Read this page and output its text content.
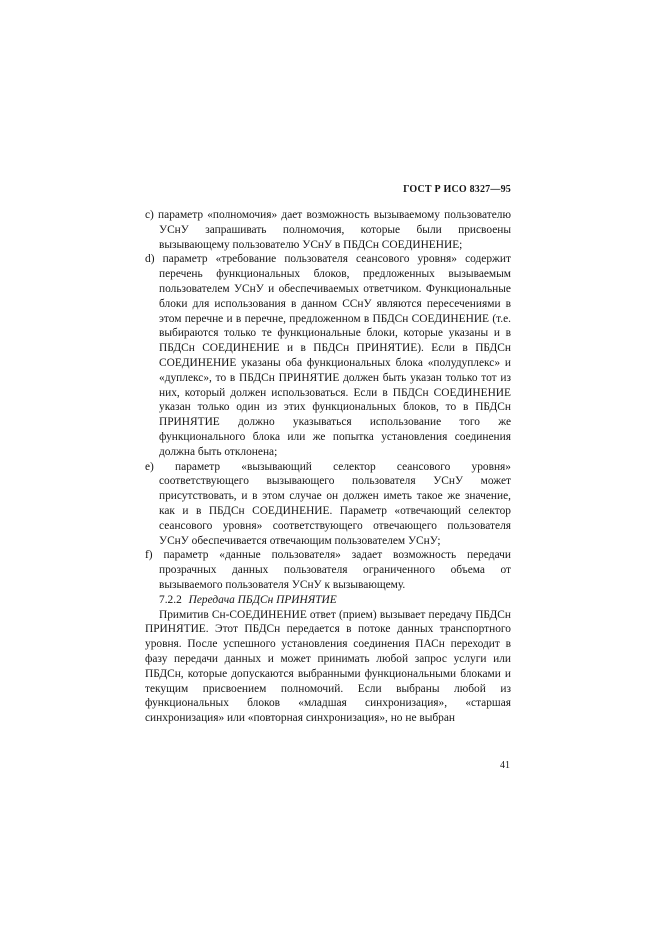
ГОСТ Р ИСО 8327—95

c) параметр «полномочия» дает возможность вызываемому пользователю УСнУ запрашивать полномочия, которые были присвоены вызывающему пользователю УСнУ в ПБДСн СОЕДИНЕНИЕ;

d) параметр «требование пользователя сеансового уровня» содержит перечень функциональных блоков, предложенных вызываемым пользователем УСнУ и обеспечиваемых ответчиком. Функциональные блоки для использования в данном ССнУ являются пересечениями в этом перечне и в перечне, предложенном в ПБДСн СОЕДИНЕНИЕ (т.е. выбираются только те функциональные блоки, которые указаны и в ПБДСн СОЕДИНЕНИЕ и в ПБДСн ПРИНЯТИЕ). Если в ПБДСн СОЕДИНЕНИЕ указаны оба функциональных блока «полудуплекс» и «дуплекс», то в ПБДСн ПРИНЯТИЕ должен быть указан только тот из них, который должен использоваться. Если в ПБДСн СОЕДИНЕНИЕ указан только один из этих функциональных блоков, то в ПБДСн ПРИНЯТИЕ должно указываться использование того же функционального блока или же попытка установления соединения должна быть отклонена;

e) параметр «вызывающий селектор сеансового уровня» соответствующего вызывающего пользователя УСнУ может присутствовать, и в этом случае он должен иметь такое же значение, как и в ПБДСн СОЕДИНЕНИЕ. Параметр «отвечающий селектор сеансового уровня» соответствующего отвечающего пользователя УСнУ обеспечивается отвечающим пользователем УСнУ;

f) параметр «данные пользователя» задает возможность передачи прозрачных данных пользователя ограниченного объема от вызываемого пользователя УСнУ к вызывающему.

7.2.2 Передача ПБДСн ПРИНЯТИЕ

Примитив Сн-СОЕДИНЕНИЕ ответ (прием) вызывает передачу ПБДСн ПРИНЯТИЕ. Этот ПБДСн передается в потоке данных транспортного уровня. После успешного установления соединения ПАСн переходит в фазу передачи данных и может принимать любой запрос услуги или ПБДСн, которые допускаются выбранными функциональными блоками и текущим присвоением полномочий. Если выбраны любой из функциональных блоков «младшая синхронизация», «старшая синхронизация» или «повторная синхронизация», но не выбран

41
